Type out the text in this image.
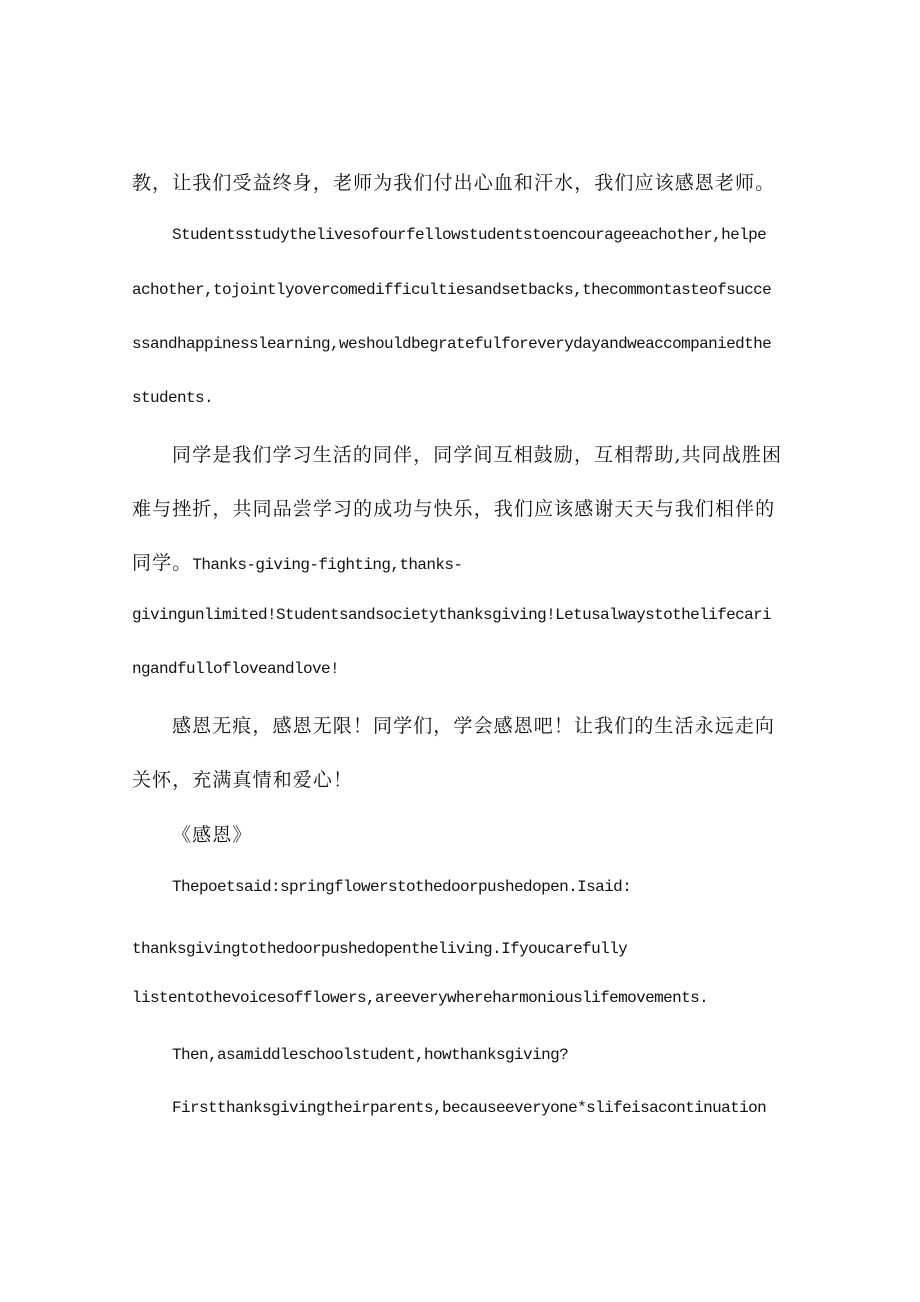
教，让我们受益终身，老师为我们付出心血和汗水，我们应该感恩老师。

Studentsstudythelivesofourfellowstudentstoencourageeachother,helpe

achother,tojointlyovercomedifficultiesandsetbacks,thecommontasteofsucce

ssandhappinesslearning,weshouldbegratefulforeverydayandweaccompaniedthe

students.

同学是我们学习生活的同伴，同学间互相鼓励，互相帮助,共同战胜困

难与挫折，共同品尝学习的成功与快乐，我们应该感谢天天与我们相伴的

同学。Thanks-giving-fighting,thanks-

givingunlimited!Studentsandsocietythanksgiving!Letusalwaystothelifecari

ngandfullofloveandlove!

感恩无痕，感恩无限！同学们，学会感恩吧！让我们的生活永远走向

关怀，充满真情和爱心！

《感恩》

Thepoetsaid:springflowerstothedoorpushedopen.Isaid:

thanksgivingtothedoorpushedopentheliving.Ifyoucarefully

listentothevoicesofflowers,areeverywhereharmoniouslifemovements.

Then,asamiddleschoolstudent,howthanksgiving?

Firstthanksgivingtheirparents,becauseeveryone*slifeisacontinuation
